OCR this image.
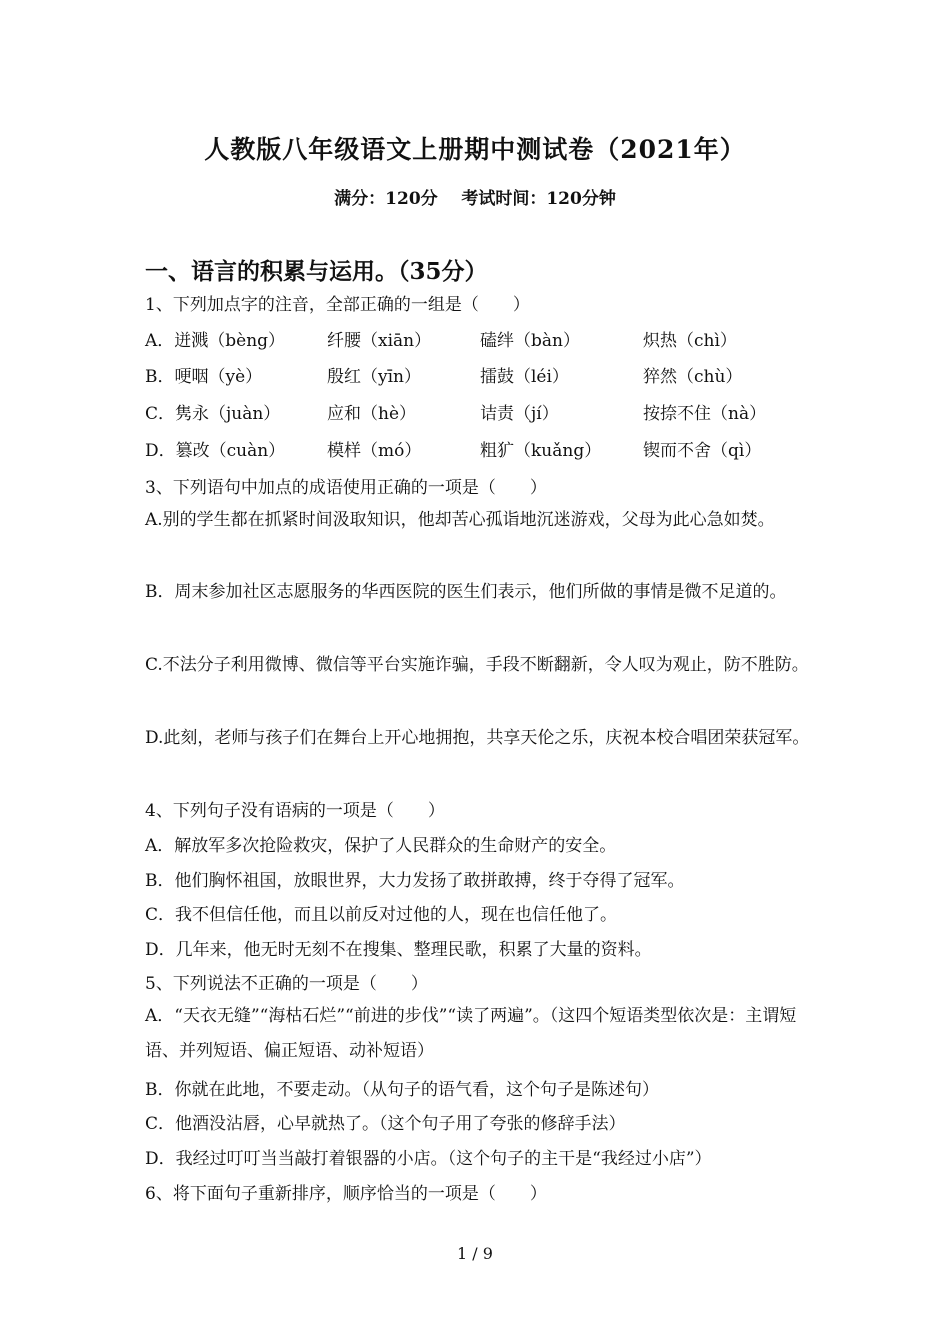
人教版八年级语文上册期中测试卷（2021年）
满分：120分    考试时间：120分钟
一、语言的积累与运用。（35分）
1、下列加点字的注音，全部正确的一组是（　　）
A．迸溅（bèng） 纤腰（xiān）	磕绊（bàn）	炽热（chì）
B．哽咽（yè）	殷红（yīn）	擂鼓（léi）	猝然（chù）
C．隽永（juàn）	应和（hè）	诘责（jí）	按捺不住（nà）
D．篡改（cuàn） 模样（mó）	粗犷（kuǎng） 锲而不舍（qì）
3、下列语句中加点的成语使用正确的一项是（　　）
A.别的学生都在抓紧时间汲取知识，他却苦心孤诣地沉迷游戏，父母为此心急如焚。
B．周末参加社区志愿服务的华西医院的医生们表示，他们所做的事情是微不足道的。
C.不法分子利用微博、微信等平台实施诈骗，手段不断翻新，令人叹为观止，防不胜防。
D.此刻，老师与孩子们在舞台上开心地拥抱，共享天伦之乐，庆祝本校合唱团荣获冠军。
4、下列句子没有语病的一项是（　　）
A．解放军多次抢险救灾，保护了人民群众的生命财产的安全。
B．他们胸怀祖国，放眼世界，大力发扬了敢拼敢搏，终于夺得了冠军。
C．我不但信任他，而且以前反对过他的人，现在也信任他了。
D．几年来，他无时无刻不在搜集、整理民歌，积累了大量的资料。
5、下列说法不正确的一项是（　　）
A．“天衣无缝”“海枯石烂”“前进的步伐”“读了两遍”。（这四个短语类型依次是：主谓短语、并列短语、偏正短语、动补短语）
B．你就在此地，不要走动。（从句子的语气看，这个句子是陈述句）
C．他酒没沾唇，心早就热了。（这个句子用了夸张的修辞手法）
D．我经过叮叮当当敲打着银器的小店。（这个句子的主干是“我经过小店”）
6、将下面句子重新排序，顺序恰当的一项是（　　）
1 / 9
